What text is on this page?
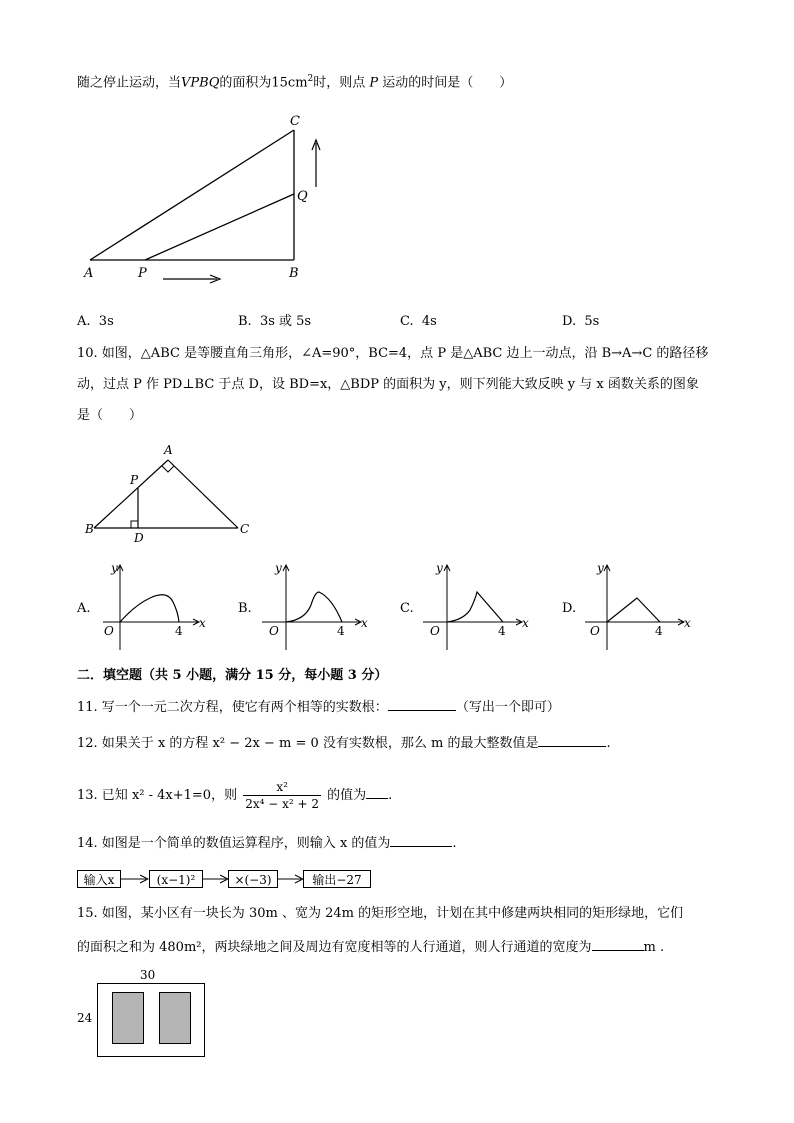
随之停止运动，当VPBQ的面积为$15cm^2$时，则点 P 运动的时间是（　　）
A	P	B
Q
C
A. 3s	B. 3s 或 5s	C. 4s	D. 5s
10. 如图，△ABC 是等腰直角三角形，∠A=90°，BC=4，点 P 是△ABC 边上一动点，沿 B→A→C 的路径移
动，过点 P 作 PD⊥BC 于点 D，设 BD=x，△BDP 的面积为 y，则下列能大致反映 y 与 x 函数关系的图象
是（　　）
A
P
B
D
C
A.
y
x
O	4
B.
y
x
O	4
C.
y
x
O	4
D.
y
x
O	4
二．填空题（共 5 小题，满分 15 分，每小题 3 分）
11. 写一个一元二次方程，使它有两个相等的实数根：	（写出一个即可）
12. 如果关于 x 的方程 x² − 2x − m = 0 没有实数根，那么 m 的最大整数值是	.
13. 已知 x² - 4x+1=0，则 $\frac{\text{x²}}{\text{2x⁴ − x² + 2}}$ 的值为 .
14. 如图是一个简单的数值运算程序，则输入 x 的值为	.
输入x	(x−1)²	×(−3)	输出−27
15. 如图，某小区有一块长为 30m 、宽为 24m 的矩形空地，计划在其中修建两块相同的矩形绿地，它们
的面积之和为 480m²，两块绿地之间及周边有宽度相等的人行通道，则人行通道的宽度为	m .
30
24
